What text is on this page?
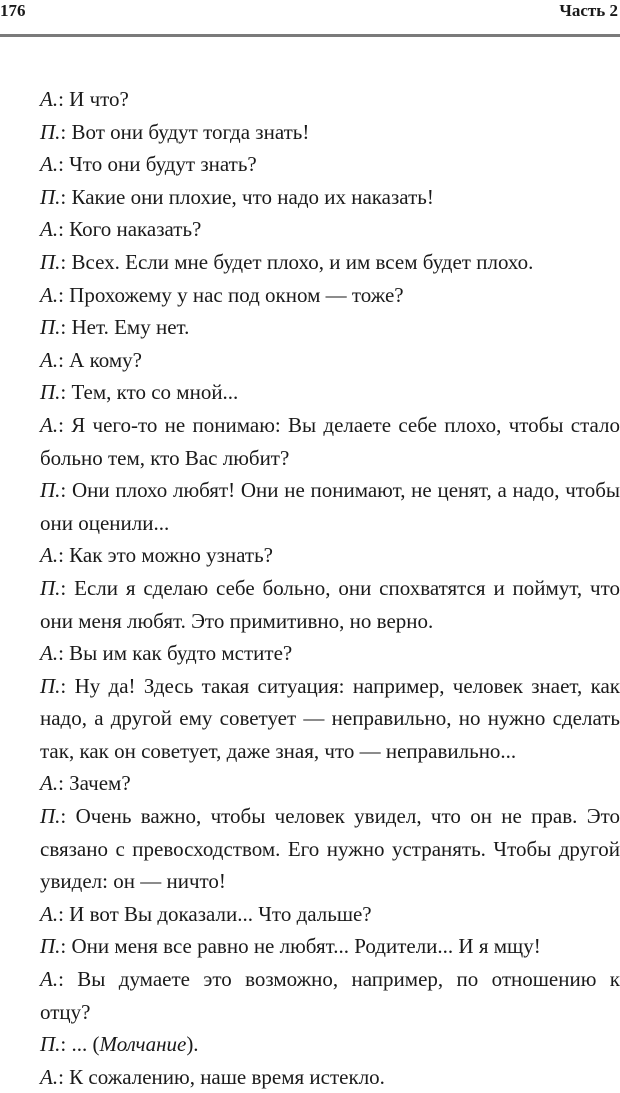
176	Часть 2
А.: И что?
П.: Вот они будут тогда знать!
А.: Что они будут знать?
П.: Какие они плохие, что надо их наказать!
А.: Кого наказать?
П.: Всех. Если мне будет плохо, и им всем будет плохо.
А.: Прохожему у нас под окном — тоже?
П.: Нет. Ему нет.
А.: А кому?
П.: Тем, кто со мной...
А.: Я чего-то не понимаю: Вы делаете себе плохо, чтобы стало
больно тем, кто Вас любит?
П.: Они плохо любят! Они не понимают, не ценят, а надо, чтобы
они оценили...
А.: Как это можно узнать?
П.: Если я сделаю себе больно, они спохватятся и поймут, что
они меня любят. Это примитивно, но верно.
А.: Вы им как будто мстите?
П.: Ну да! Здесь такая ситуация: например, человек знает, как
надо, а другой ему советует — неправильно, но нужно сделать
так, как он советует, даже зная, что — неправильно...
А.: Зачем?
П.: Очень важно, чтобы человек увидел, что он не прав. Это
связано с превосходством. Его нужно устранять. Чтобы другой
увидел: он — ничто!
А.: И вот Вы доказали... Что дальше?
П.: Они меня все равно не любят... Родители... И я мщу!
А.: Вы думаете это возможно, например, по отношению к
отцу?
П.: ... (Молчание).
А.: К сожалению, наше время истекло.
